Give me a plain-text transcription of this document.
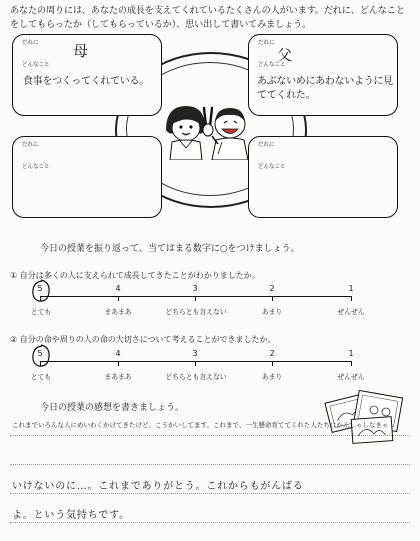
あなたの周りには、あなたの成長を支えてくれているたくさんの人がいます。だれに、どんなことをしてもらったか（してもらっているか）、思い出して書いてみましょう。
だれに 母
どんなこと
食事をつくってくれている。
だれに
父
どんなこと
あぶないめにあわないように見ててくれた。
だれに
どんなこと
だれに
どんなこと
今日の授業を振り返って、当てはまる数字に○をつけましょう。
① 自分は多くの人に支えられて成長してきたことがわかりましたか。
5	4	3	2	1
とても	まあまあ	どちらとも言えない	あまり	ぜんぜん
② 自分の命や周りの人の命の大切さについて考えることができましたか。
5	4	3	2	1
とても	まあまあ	どちらとも言えない	あまり	ぜんぜん
今日の授業の感想を書きましょう。
これまでいろんな人にめいわくかけてきたけど、こうかいしてます。これまで、一生懸命育ててくれた人たちにかんしゃしなきゃ
いけないのに…。これまでありがとう。これからもがんばる
よ。という気持ちです。
